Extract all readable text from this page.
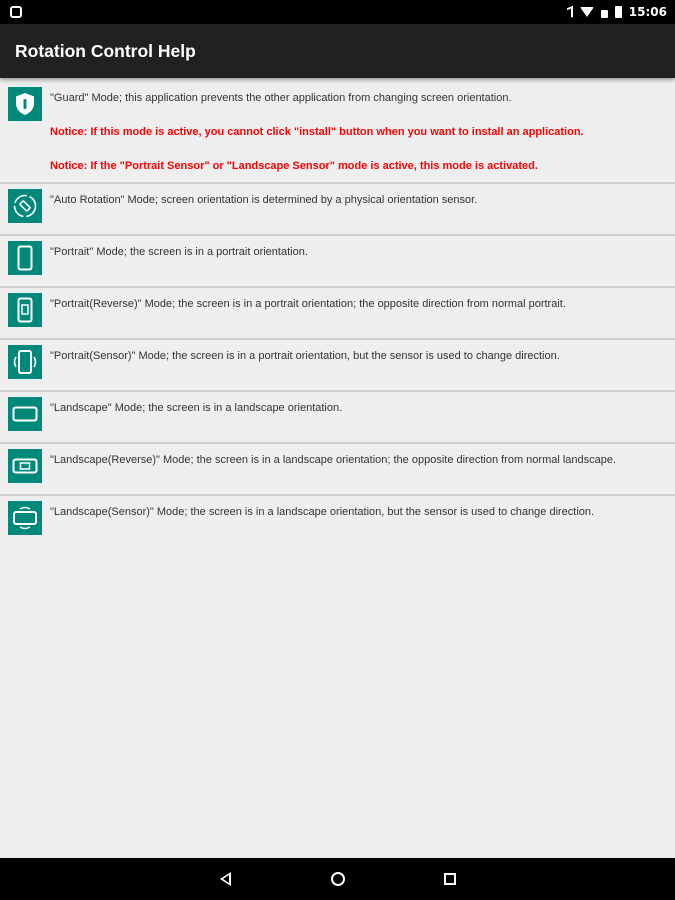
15:06
Rotation Control Help
"Guard" Mode; this application prevents the other application from changing screen orientation.
Notice: If this mode is active, you cannot click "install" button when you want to install an application.
Notice: If the "Portrait Sensor" or "Landscape Sensor" mode is active, this mode is activated.
"Auto Rotation" Mode; screen orientation is determined by a physical orientation sensor.
"Portrait" Mode; the screen is in a portrait orientation.
"Portrait(Reverse)" Mode; the screen is in a portrait orientation; the opposite direction from normal portrait.
"Portrait(Sensor)" Mode; the screen is in a portrait orientation, but the sensor is used to change direction.
"Landscape" Mode; the screen is in a landscape orientation.
"Landscape(Reverse)" Mode; the screen is in a landscape orientation; the opposite direction from normal landscape.
"Landscape(Sensor)" Mode; the screen is in a landscape orientation, but the sensor is used to change direction.
